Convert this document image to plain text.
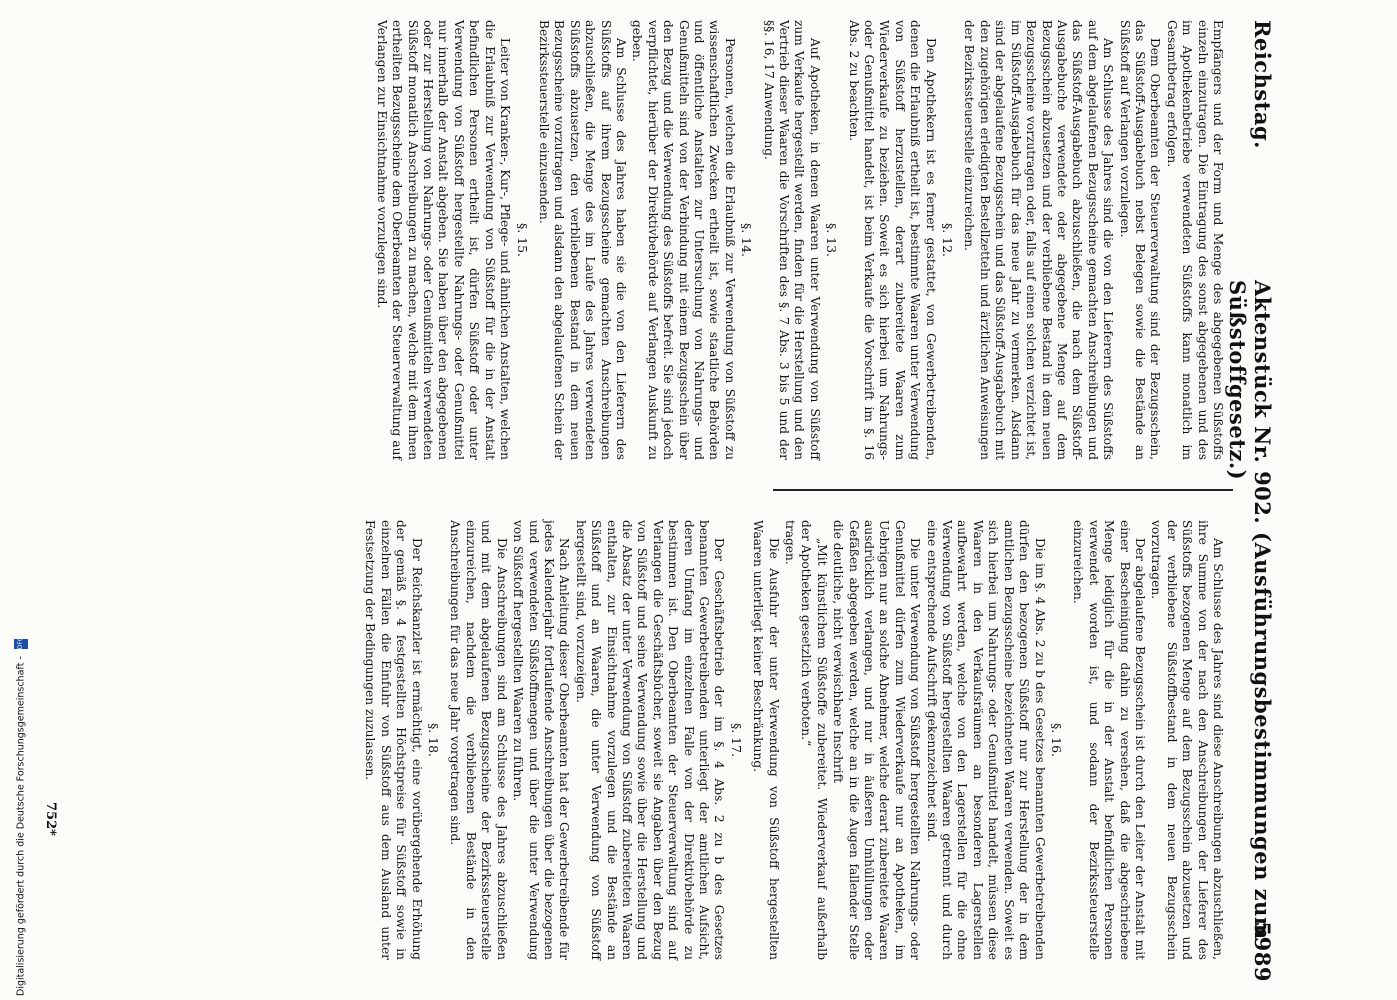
Reichstag.
Aktenstück Nr. 902. (Ausführungsbestimmungen zum Süßstoffgesetz.)
5989

Empfängers und der Form und Menge des abgegebenen Süßstoffs einzeln einzutragen. Die Eintragung des sonst abgegebenen und des im Apothekenbetriebe verwendeten Süßstoffs kann monatlich im Gesamtbetrag erfolgen.

Dem Oberbeamten der Steuerverwaltung sind der Bezugsschein, das Süßstoff-Ausgabebuch nebst Belegen sowie die Bestände an Süßstoff auf Verlangen vorzulegen.

Am Schlusse des Jahres sind die von den Lieferern des Süßstoffs auf dem abgelaufenen Bezugsscheine gemachten Anschreibungen und das Süßstoff-Ausgabebuch abzuschließen, die nach dem Süßstoff-Ausgabebuche verwendete oder abgegebene Menge auf dem Bezugsschein abzusetzen und der verbliebene Bestand in dem neuen Bezugsscheine vorzutragen oder, falls auf einen solchen verzichtet ist, im Süßstoff-Ausgabebuch für das neue Jahr zu vermerken. Alsdann sind der abgelaufene Bezugsschein und das Süßstoff-Ausgabebuch mit den zugehörigen erledigten Bestellzetteln und ärztlichen Anweisungen der Bezirkssteuerstelle einzureichen.

§. 12.

Den Apothekern ist es ferner gestattet, von Gewerbetreibenden, denen die Erlaubniß ertheilt ist, bestimmte Waaren unter Verwendung von Süßstoff herzustellen, derart zubereitete Waaren zum Wiederverkaufe zu beziehen. Soweit es sich hierbei um Nahrungs- oder Genußmittel handelt, ist beim Verkaufe die Vorschrift im §. 16 Abs. 2 zu beachten.

§. 13.

Auf Apotheken, in denen Waaren unter Verwendung von Süßstoff zum Verkaufe hergestellt werden, finden für die Herstellung und den Vertrieb dieser Waaren die Vorschriften des §. 7 Abs. 3 bis 5 und der §§. 16, 17 Anwendung.

§. 14.

Personen, welchen die Erlaubniß zur Verwendung von Süßstoff zu wissenschaftlichen Zwecken ertheilt ist, sowie staatliche Behörden und öffentliche Anstalten zur Untersuchung von Nahrungs- und Genußmitteln sind von der Verbindung mit einem Bezugsschein über den Bezug und die Verwendung des Süßstoffs befreit. Sie sind jedoch verpflichtet, hierüber der Direktivbehörde auf Verlangen Auskunft zu geben.

Am Schlusse des Jahres haben sie die von den Lieferern des Süßstoffs auf ihrem Bezugsscheine gemachten Anschreibungen abzuschließen, die Menge des im Laufe des Jahres verwendeten Süßstoffs abzusetzen, den verbliebenen Bestand in dem neuen Bezugsscheine vorzutragen und alsdann den abgelaufenen Schein der Bezirkssteuerstelle einzusenden.

§. 15.

Leiter von Kranken-, Kur-, Pflege- und ähnlichen Anstalten, welchen die Erlaubniß zur Verwendung von Süßstoff für die in der Anstalt befindlichen Personen ertheilt ist, dürfen Süßstoff oder unter Verwendung von Süßstoff hergestellte Nahrungs- oder Genußmittel nur innerhalb der Anstalt abgeben. Sie haben über den abgegebenen oder zur Herstellung von Nahrungs- oder Genußmitteln verwendeten Süßstoff monatlich Anschreibungen zu machen, welche mit dem ihnen ertheilten Bezugsscheine dem Oberbeamten der Steuerverwaltung auf Verlangen zur Einsichtnahme vorzulegen sind.

Am Schlusse des Jahres sind diese Anschreibungen abzuschließen, ihre Summe von der nach den Anschreibungen der Lieferer des Süßstoffs bezogenen Menge auf dem Bezugsschein abzusetzen und der verbliebene Süßstoffbestand in dem neuen Bezugsschein vorzutragen.

Der abgelaufene Bezugsschein ist durch den Leiter der Anstalt mit einer Bescheinigung dahin zu versehen, daß die abgeschriebene Menge lediglich für die in der Anstalt befindlichen Personen verwendet worden ist, und sodann der Bezirkssteuerstelle einzureichen.

§. 16.

Die im §. 4 Abs. 2 zu b des Gesetzes benannten Gewerbetreibenden dürfen den bezogenen Süßstoff nur zur Herstellung der in dem amtlichen Bezugsscheine bezeichneten Waaren verwenden. Soweit es sich hierbei um Nahrungs- oder Genußmittel handelt, müssen diese Waaren in den Verkaufsräumen an besonderen Lagerstellen aufbewahrt werden, welche von den Lagerstellen für die ohne Verwendung von Süßstoff hergestellten Waaren getrennt und durch eine entsprechende Aufschrift gekennzeichnet sind.

Die unter Verwendung von Süßstoff hergestellten Nahrungs- oder Genußmittel dürfen zum Wiederverkaufe nur an Apotheken, im Uebrigen nur an solche Abnehmer, welche derart zubereitete Waaren ausdrücklich verlangen, und nur in äußeren Umhüllungen oder Gefäßen abgegeben werden, welche an in die Augen fallender Stelle die deutliche, nicht verwischbare Inschrift

„Mit künstlichem Süßstoffe zubereitet. Wiederverkauf außerhalb der Apotheken gesetzlich verboten.“

tragen.

Die Ausfuhr der unter Verwendung von Süßstoff hergestellten Waaren unterliegt keiner Beschränkung.

§. 17.

Der Geschäftsbetrieb der im §. 4 Abs. 2 zu b des Gesetzes benannten Gewerbetreibenden unterliegt der amtlichen Aufsicht, deren Umfang im einzelnen Falle von der Direktivbehörde zu bestimmen ist. Den Oberbeamten der Steuerverwaltung sind auf Verlangen die Geschäftsbücher, soweit sie Angaben über den Bezug von Süßstoff und seine Verwendung sowie über die Herstellung und die Absatz der unter Verwendung von Süßstoff zubereiteten Waaren enthalten, zur Einsichtnahme vorzulegen und die Bestände an Süßstoff und an Waaren, die unter Verwendung von Süßstoff hergestellt sind, vorzuzeigen.

Nach Anleitung dieser Oberbeamten hat der Gewerbetreibende für jedes Kalenderjahr fortlaufende Anschreibungen über die bezogenen und verwendeten Süßstoffmengen und über die unter Verwendung von Süßstoff hergestellten Waaren zu führen.

Die Anschreibungen sind am Schlusse des Jahres abzuschließen und mit dem abgelaufenen Bezugsscheine der Bezirkssteuerstelle einzureichen, nachdem die verbliebenen Bestände in den Anschreibungen für das neue Jahr vorgetragen sind.

§. 18.

Der Reichskanzler ist ermächtigt, eine vorübergehende Erhöhung der gemäß §. 4 festgestellten Höchstpreise für Süßstoff sowie in einzelnen Fällen die Einfuhr von Süßstoff aus dem Ausland unter Festsetzung der Bedingungen zuzulassen.

752*
Digitalisierung gefördert durch die Deutsche Forschungsgemeinschaft - DFG
